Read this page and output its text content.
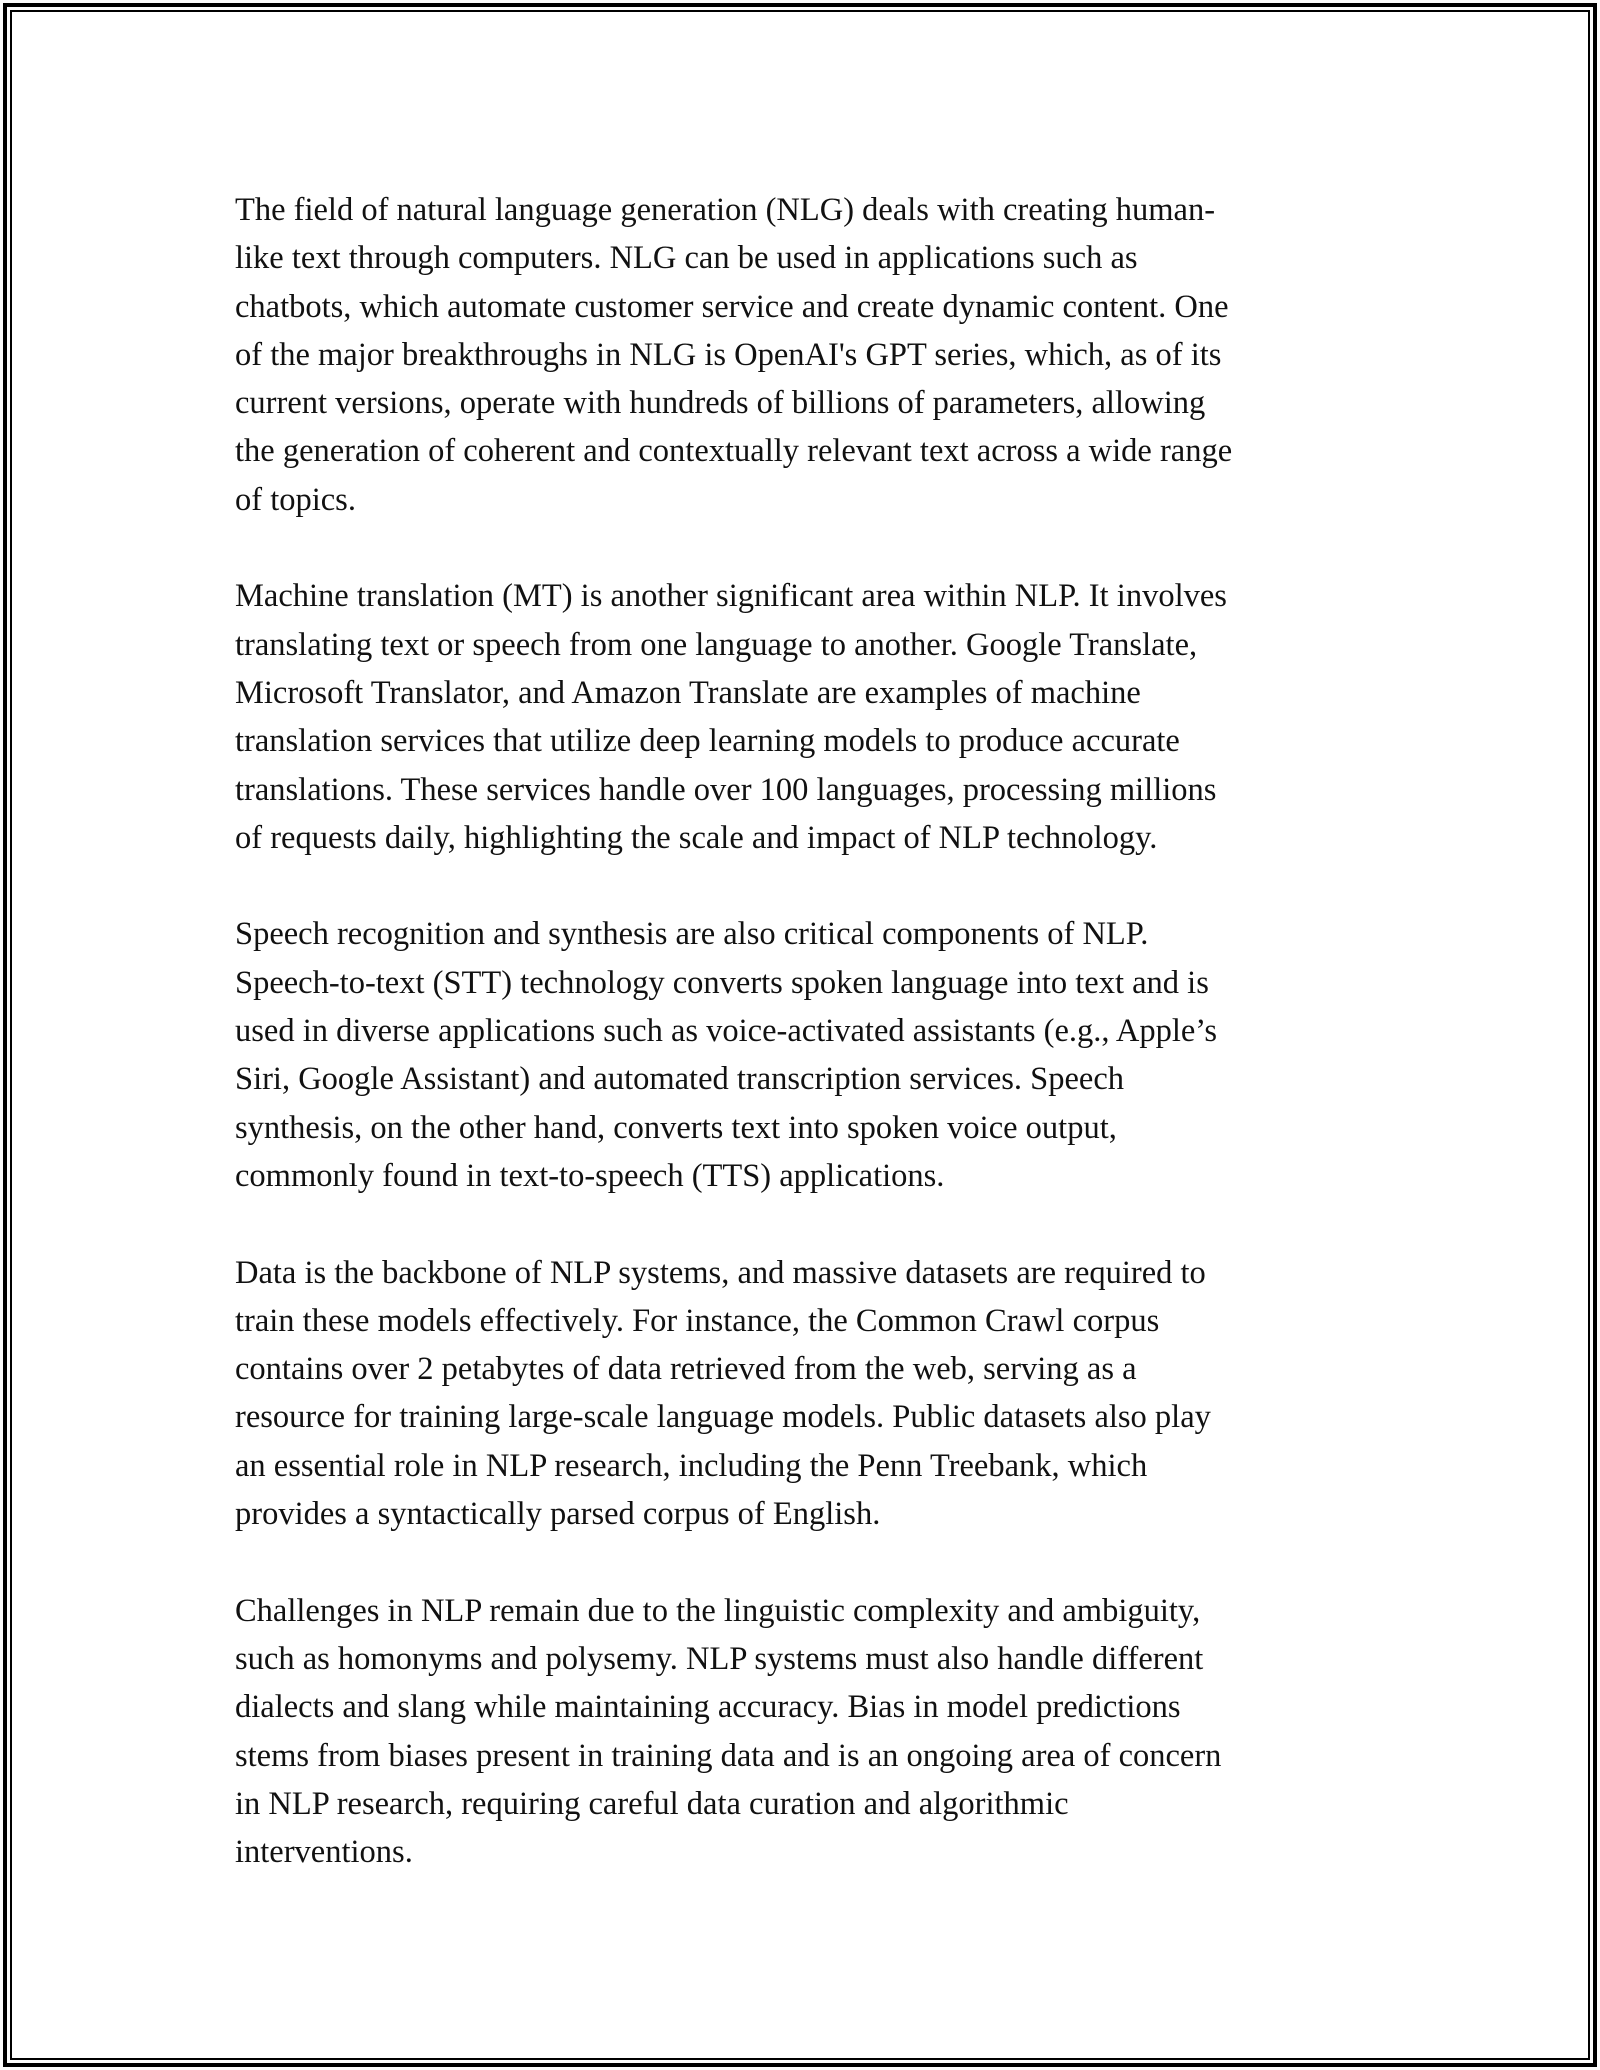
The field of natural language generation (NLG) deals with creating human-
like text through computers. NLG can be used in applications such as
chatbots, which automate customer service and create dynamic content. One
of the major breakthroughs in NLG is OpenAI's GPT series, which, as of its
current versions, operate with hundreds of billions of parameters, allowing
the generation of coherent and contextually relevant text across a wide range
of topics.

Machine translation (MT) is another significant area within NLP. It involves
translating text or speech from one language to another. Google Translate,
Microsoft Translator, and Amazon Translate are examples of machine
translation services that utilize deep learning models to produce accurate
translations. These services handle over 100 languages, processing millions
of requests daily, highlighting the scale and impact of NLP technology.

Speech recognition and synthesis are also critical components of NLP.
Speech-to-text (STT) technology converts spoken language into text and is
used in diverse applications such as voice-activated assistants (e.g., Apple’s
Siri, Google Assistant) and automated transcription services. Speech
synthesis, on the other hand, converts text into spoken voice output,
commonly found in text-to-speech (TTS) applications.

Data is the backbone of NLP systems, and massive datasets are required to
train these models effectively. For instance, the Common Crawl corpus
contains over 2 petabytes of data retrieved from the web, serving as a
resource for training large-scale language models. Public datasets also play
an essential role in NLP research, including the Penn Treebank, which
provides a syntactically parsed corpus of English.

Challenges in NLP remain due to the linguistic complexity and ambiguity,
such as homonyms and polysemy. NLP systems must also handle different
dialects and slang while maintaining accuracy. Bias in model predictions
stems from biases present in training data and is an ongoing area of concern
in NLP research, requiring careful data curation and algorithmic
interventions.
